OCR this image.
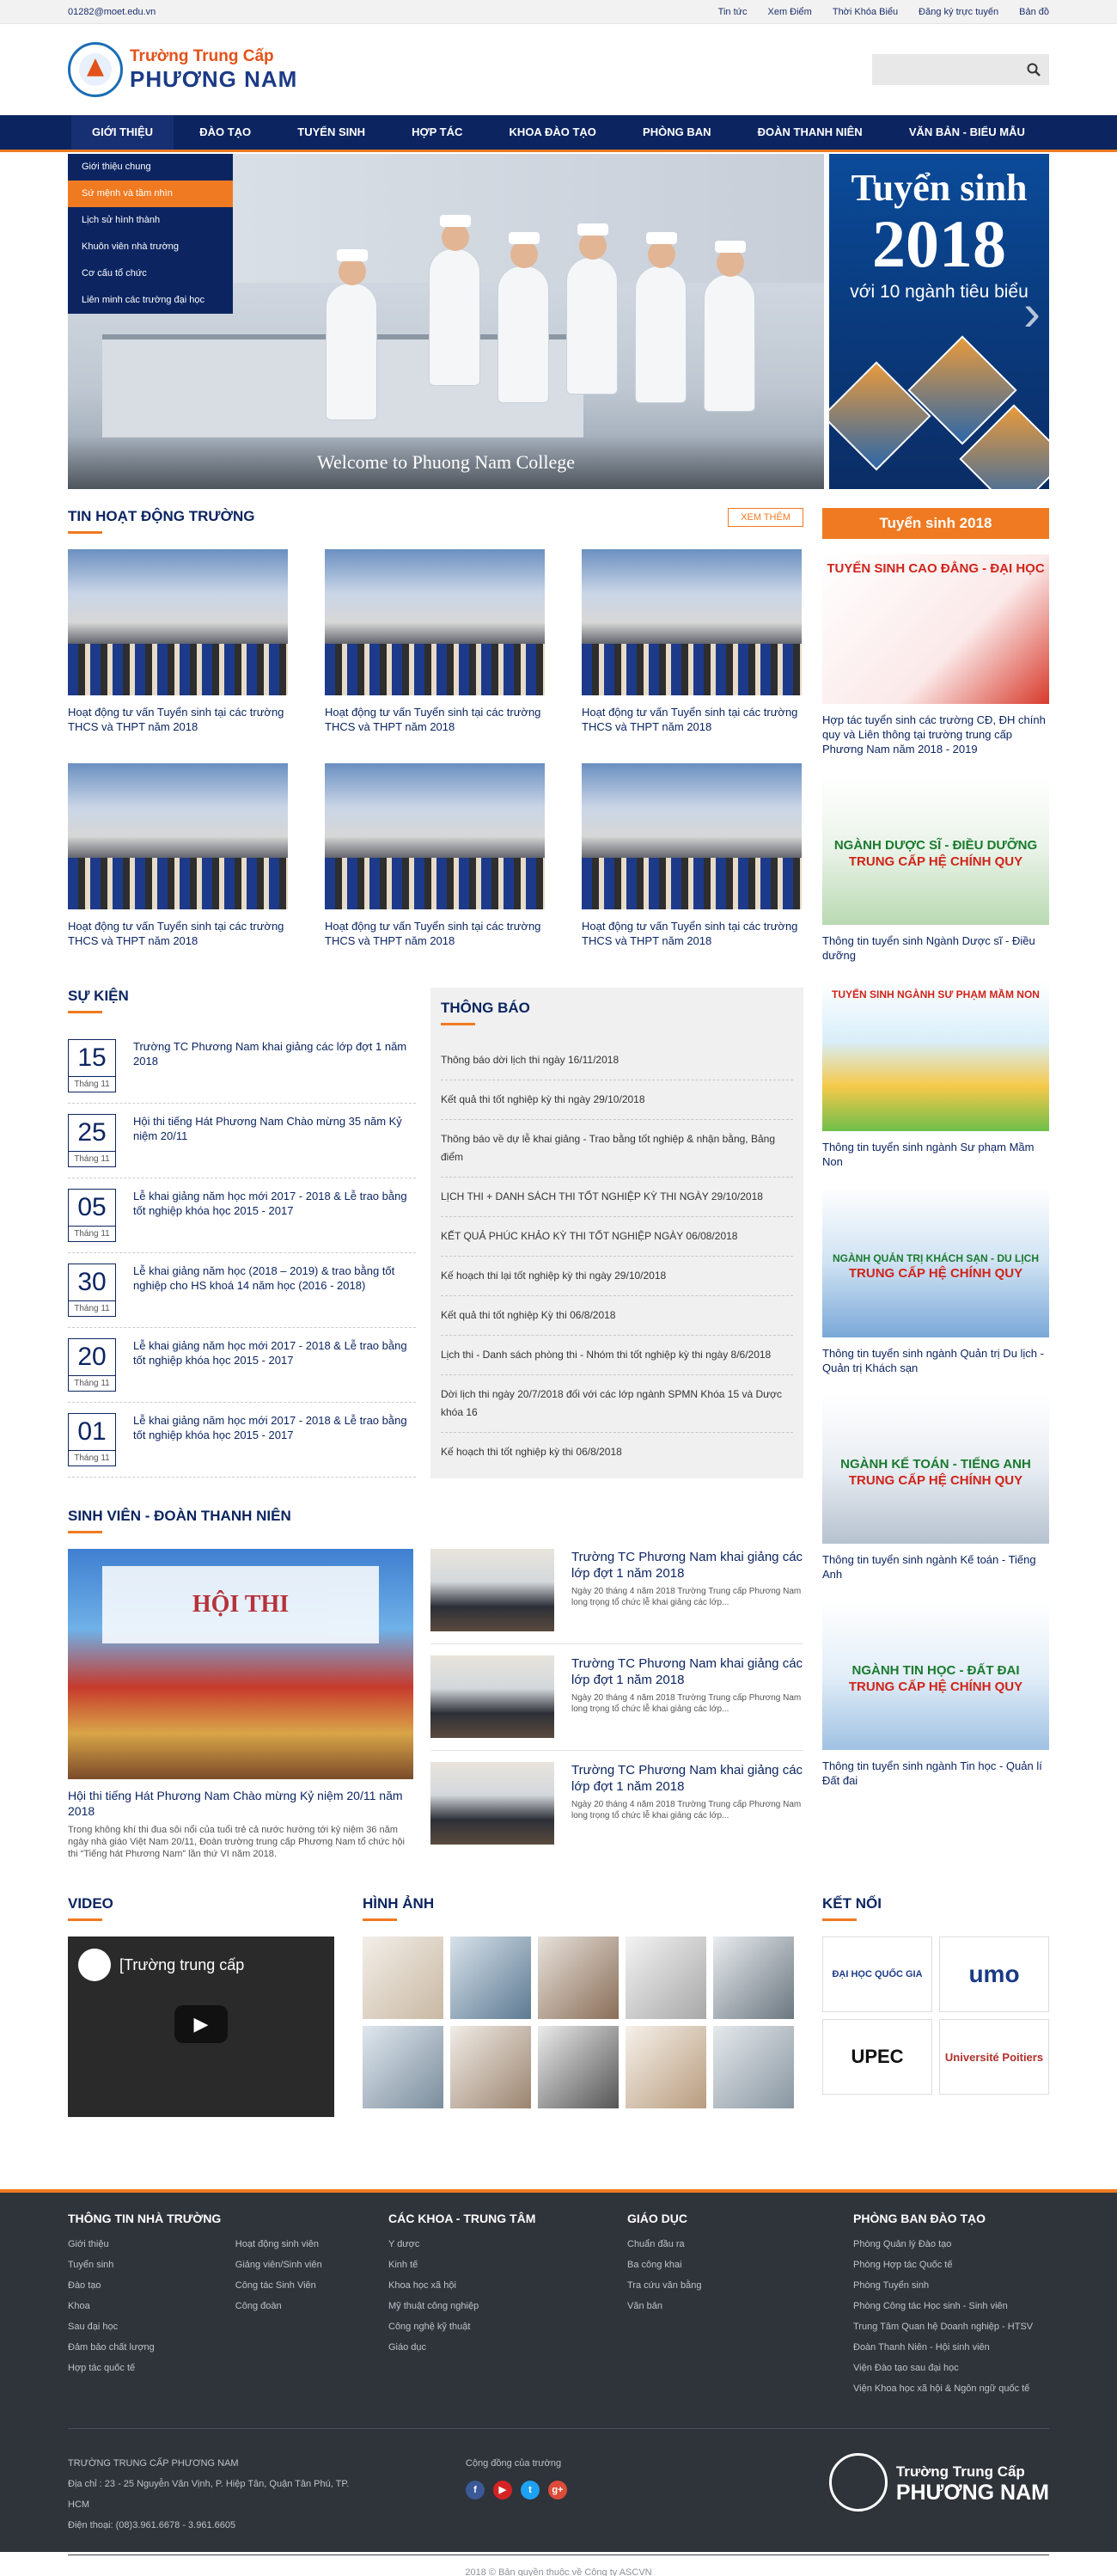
01282@moet.edu.vn	Tin tức Xem Điểm Thời Khóa Biểu Đăng ký trực tuyến Bản đồ
Trường Trung Cấp
PHƯƠNG NAM
GIỚI THIỆU	ĐÀO TẠO	TUYỂN SINH	HỢP TÁC	KHOA ĐÀO TẠO	PHÒNG BAN	ĐOÀN THANH NIÊN	VĂN BẢN - BIỂU MẪU
Welcome to Phuong Nam College
Tuyển sinh
2018
với 10 ngành tiêu biểu
›
Giới thiệu chung
Sứ mệnh và tầm nhìn
Lịch sử hình thành
Khuôn viên nhà trường
Cơ cấu tổ chức
Liên minh các trường đại học
TIN HOẠT ĐỘNG TRƯỜNG	XEM THÊM
Hoạt động tư vấn Tuyển sinh tại các trường THCS và THPT năm 2018
Hoạt động tư vấn Tuyển sinh tại các trường THCS và THPT năm 2018
Hoạt động tư vấn Tuyển sinh tại các trường THCS và THPT năm 2018
Hoạt động tư vấn Tuyển sinh tại các trường THCS và THPT năm 2018
Hoạt động tư vấn Tuyển sinh tại các trường THCS và THPT năm 2018
Hoạt động tư vấn Tuyển sinh tại các trường THCS và THPT năm 2018
SỰ KIỆN
15
Tháng 11
Trường TC Phương Nam khai giảng các lớp đợt 1 năm 2018
25
Tháng 11
Hội thi tiếng Hát Phương Nam Chào mừng 35 năm Kỷ niệm 20/11
05
Tháng 11
Lễ khai giảng năm học mới 2017 - 2018 & Lễ trao bằng tốt nghiệp khóa học 2015 - 2017
30
Tháng 11
Lễ khai giảng năm học (2018 – 2019) & trao bằng tốt nghiệp cho HS khoá 14 năm học (2016 - 2018)
20
Tháng 11
Lễ khai giảng năm học mới 2017 - 2018 & Lễ trao bằng tốt nghiệp khóa học 2015 - 2017
01
Tháng 11
Lễ khai giảng năm học mới 2017 - 2018 & Lễ trao bằng tốt nghiệp khóa học 2015 - 2017
THÔNG BÁO
Thông báo dời lịch thi ngày 16/11/2018
Kết quả thi tốt nghiệp kỳ thi ngày 29/10/2018
Thông báo về dự lễ khai giảng - Trao bằng tốt nghiệp & nhận bằng, Bảng điểm
LỊCH THI + DANH SÁCH THI TỐT NGHIỆP KỲ THI NGÀY 29/10/2018
KẾT QUẢ PHÚC KHẢO KỲ THI TỐT NGHIỆP NGÀY 06/08/2018
Kế hoạch thi lại tốt nghiệp kỳ thi ngày 29/10/2018
Kết quả thi tốt nghiệp Kỳ thi 06/8/2018
Lịch thi - Danh sách phòng thi - Nhóm thi tốt nghiệp kỳ thi ngày 8/6/2018
Dời lịch thi ngày 20/7/2018 đối với các lớp ngành SPMN Khóa 15 và Dược khóa 16
Kế hoạch thi tốt nghiệp kỳ thi 06/8/2018
SINH VIÊN - ĐOÀN THANH NIÊN
HỘI THI
Hội thi tiếng Hát Phương Nam Chào mừng Kỷ niệm 20/11 năm 2018
Trong không khí thi đua sôi nổi của tuổi trẻ cả nước hướng tới kỷ niệm 36 năm ngày nhà giáo Việt Nam 20/11, Đoàn trường trung cấp Phương Nam tổ chức hội thi “Tiếng hát Phương Nam” lần thứ VI năm 2018.
Trường TC Phương Nam khai giảng các lớp đợt 1 năm 2018
Ngày 20 tháng 4 năm 2018 Trường Trung cấp Phương Nam long trọng tổ chức lễ khai giảng các lớp...
Trường TC Phương Nam khai giảng các lớp đợt 1 năm 2018
Ngày 20 tháng 4 năm 2018 Trường Trung cấp Phương Nam long trọng tổ chức lễ khai giảng các lớp...
Trường TC Phương Nam khai giảng các lớp đợt 1 năm 2018
Ngày 20 tháng 4 năm 2018 Trường Trung cấp Phương Nam long trọng tổ chức lễ khai giảng các lớp...
Tuyển sinh 2018
TUYỂN SINH CAO ĐẲNG - ĐẠI HỌC
Hợp tác tuyển sinh các trường CĐ, ĐH chính quy và Liên thông tại trường trung cấp Phương Nam năm 2018 - 2019
NGÀNH DƯỢC SĨ - ĐIỀU DƯỠNG
TRUNG CẤP HỆ CHÍNH QUY
Thông tin tuyển sinh Ngành Dược sĩ - Điều dưỡng
TUYỂN SINH NGÀNH SƯ PHẠM MẦM NON
Thông tin tuyển sinh ngành Sư phạm Mầm Non
NGÀNH QUẢN TRỊ KHÁCH SẠN - DU LỊCH
TRUNG CẤP HỆ CHÍNH QUY
Thông tin tuyển sinh ngành Quản trị Du lịch - Quản trị Khách sạn
NGÀNH KẾ TOÁN - TIẾNG ANH
TRUNG CẤP HỆ CHÍNH QUY
Thông tin tuyển sinh ngành Kế toán - Tiếng Anh
NGÀNH TIN HỌC - ĐẤT ĐAI
TRUNG CẤP HỆ CHÍNH QUY
Thông tin tuyển sinh ngành Tin học - Quản lí Đất đai
VIDEO
[Trường trung cấp
▶
HÌNH ẢNH	KẾT NỐI
ĐẠI HỌC QUỐC GIA	umo
UPEC	Université Poitiers
THÔNG TIN NHÀ TRƯỜNG
Giới thiệu
Tuyển sinh
Đào tạo
Khoa
Sau đại học
Đảm bảo chất lượng
Hợp tác quốc tế
Hoạt động sinh viên
Giảng viên/Sinh viên
Công tác Sinh Viên
Công đoàn
CÁC KHOA - TRUNG TÂM
Y dược
Kinh tế
Khoa học xã hội
Mỹ thuật công nghiệp
Công nghệ kỹ thuật
Giáo dục
GIÁO DỤC
Chuẩn đầu ra
Ba công khai
Tra cứu văn bằng
Văn bản
PHÒNG BAN ĐÀO TẠO
Phòng Quản lý Đào tạo
Phòng Hợp tác Quốc tế
Phòng Tuyển sinh
Phòng Công tác Học sinh - Sinh viên
Trung Tâm Quan hệ Doanh nghiệp - HTSV
Đoàn Thanh Niên - Hội sinh viên
Viện Đào tạo sau đại học
Viện Khoa học xã hội & Ngôn ngữ quốc tế
TRƯỜNG TRUNG CẤP PHƯƠNG NAM
Địa chỉ : 23 - 25 Nguyễn Văn Vịnh, P. Hiệp Tân, Quận Tân Phú, TP. HCM
Điện thoại: (08)3.961.6678 - 3.961.6605
Cộng đồng của trường
f	▶	t	g+
Trường Trung Cấp
PHƯƠNG NAM
2018 © Bản quyền thuộc về Công ty ASCVN
